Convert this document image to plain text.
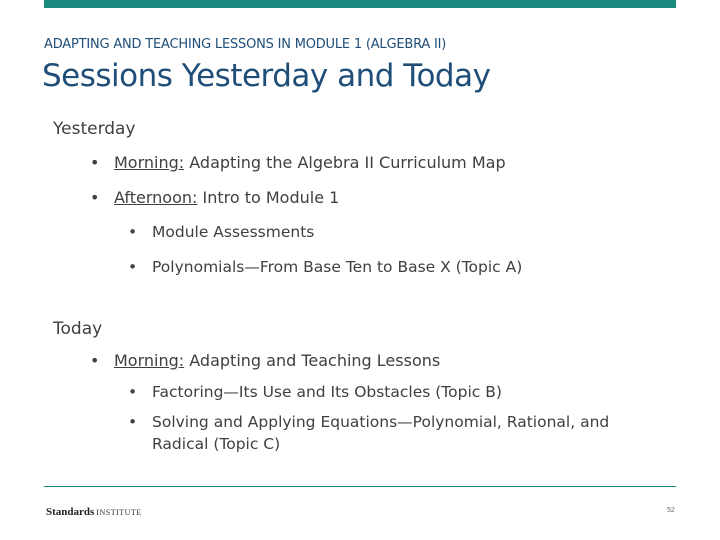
ADAPTING AND TEACHING LESSONS IN MODULE 1 (ALGEBRA II)
Sessions Yesterday and Today
Yesterday
• Morning: Adapting the Algebra II Curriculum Map
• Afternoon: Intro to Module 1
• Module Assessments
• Polynomials—From Base Ten to Base X (Topic A)
Today
• Morning: Adapting and Teaching Lessons
• Factoring—Its Use and Its Obstacles (Topic B)
• Solving and Applying Equations—Polynomial, Rational, and
Radical (Topic C)
Standards INSTITUTE	52
